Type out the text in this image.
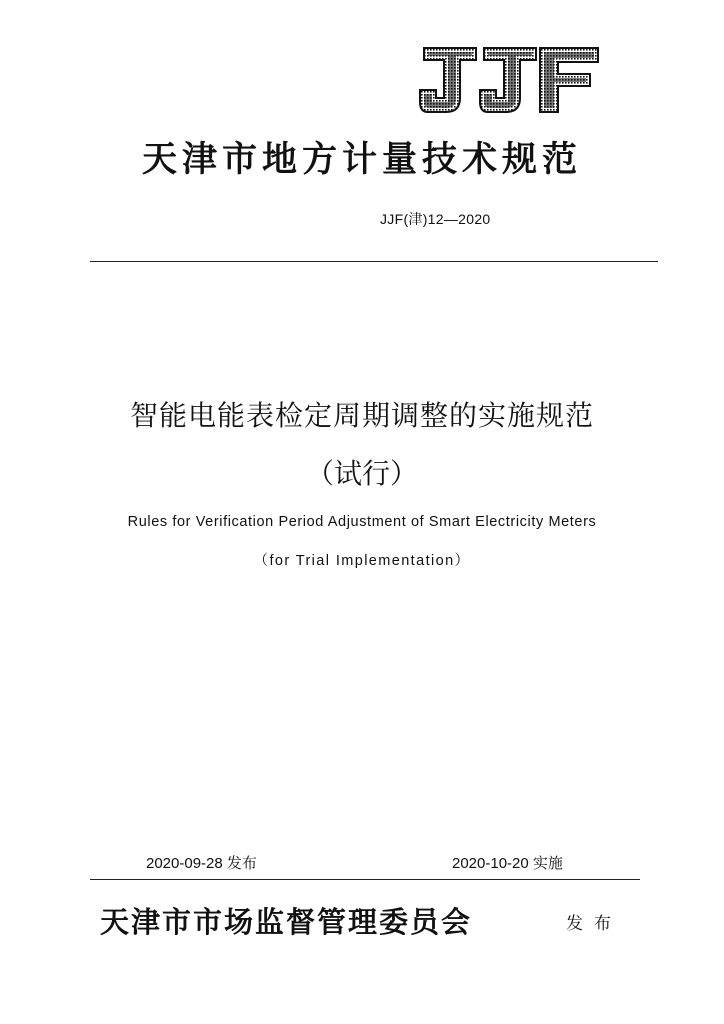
天津市地方计量技术规范
JJF(津)12—2020
智能电能表检定周期调整的实施规范
（试行）
Rules for Verification Period Adjustment of Smart Electricity Meters
（for Trial Implementation）
2020-09-28 发布	2020-10-20 实施
天津市市场监督管理委员会	发布
